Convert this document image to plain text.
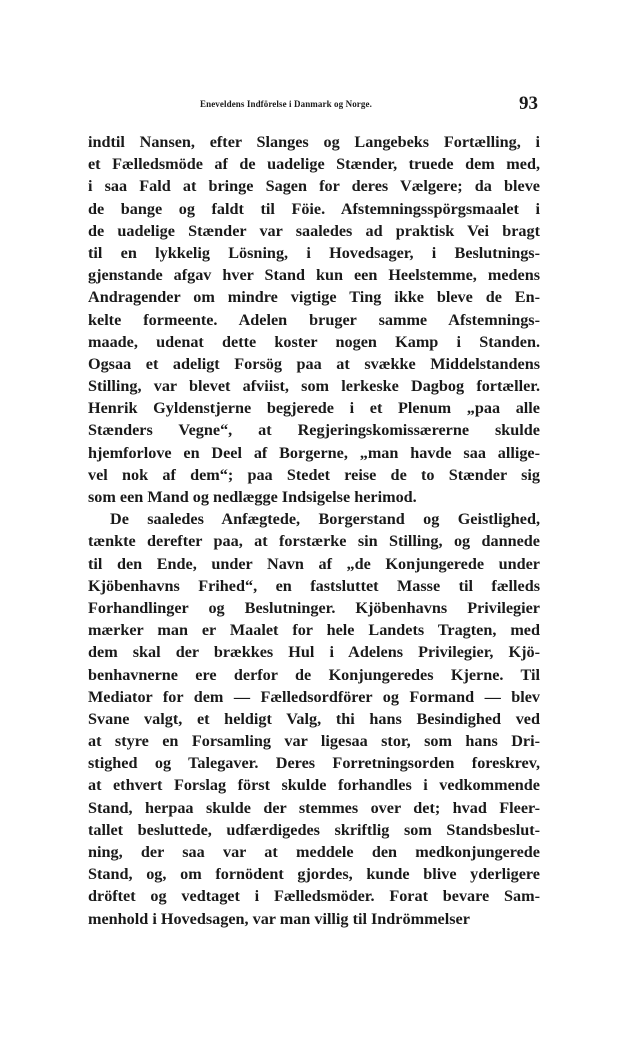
Eneveldens Indförelse i Danmark og Norge.	93
indtil Nansen, efter Slanges og Langebeks Fortælling, i
et Fælledsmöde af de uadelige Stænder, truede dem med,
i saa Fald at bringe Sagen for deres Vælgere; da bleve
de bange og faldt til Föie. Afstemningsspörgsmaalet i
de uadelige Stænder var saaledes ad praktisk Vei bragt
til en lykkelig Lösning, i Hovedsager, i Beslutnings-
gjenstande afgav hver Stand kun een Heelstemme, medens
Andragender om mindre vigtige Ting ikke bleve de En-
kelte formeente. Adelen bruger samme Afstemnings-
maade, udenat dette koster nogen Kamp i Standen.
Ogsaa et adeligt Forsög paa at svække Middelstandens
Stilling, var blevet afviist, som lerkeske Dagbog fortæller.
Henrik Gyldenstjerne begjerede i et Plenum „paa alle
Stænders Vegne“, at Regjeringskomissærerne skulde
hjemforlove en Deel af Borgerne, „man havde saa allige-
vel nok af dem“; paa Stedet reise de to Stænder sig
som een Mand og nedlægge Indsigelse herimod.
De saaledes Anfægtede, Borgerstand og Geistlighed,
tænkte derefter paa, at forstærke sin Stilling, og dannede
til den Ende, under Navn af „de Konjungerede under
Kjöbenhavns Frihed“, en fastsluttet Masse til fælleds
Forhandlinger og Beslutninger. Kjöbenhavns Privilegier
mærker man er Maalet for hele Landets Tragten, med
dem skal der brækkes Hul i Adelens Privilegier, Kjö-
benhavnerne ere derfor de Konjungeredes Kjerne. Til
Mediator for dem — Fælledsordförer og Formand — blev
Svane valgt, et heldigt Valg, thi hans Besindighed ved
at styre en Forsamling var ligesaa stor, som hans Dri-
stighed og Talegaver. Deres Forretningsorden foreskrev,
at ethvert Forslag först skulde forhandles i vedkommende
Stand, herpaa skulde der stemmes over det; hvad Fleer-
tallet besluttede, udfærdigedes skriftlig som Standsbeslut-
ning, der saa var at meddele den medkonjungerede
Stand, og, om fornödent gjordes, kunde blive yderligere
dröftet og vedtaget i Fælledsmöder. Forat bevare Sam-
menhold i Hovedsagen, var man villig til Indrömmelser
